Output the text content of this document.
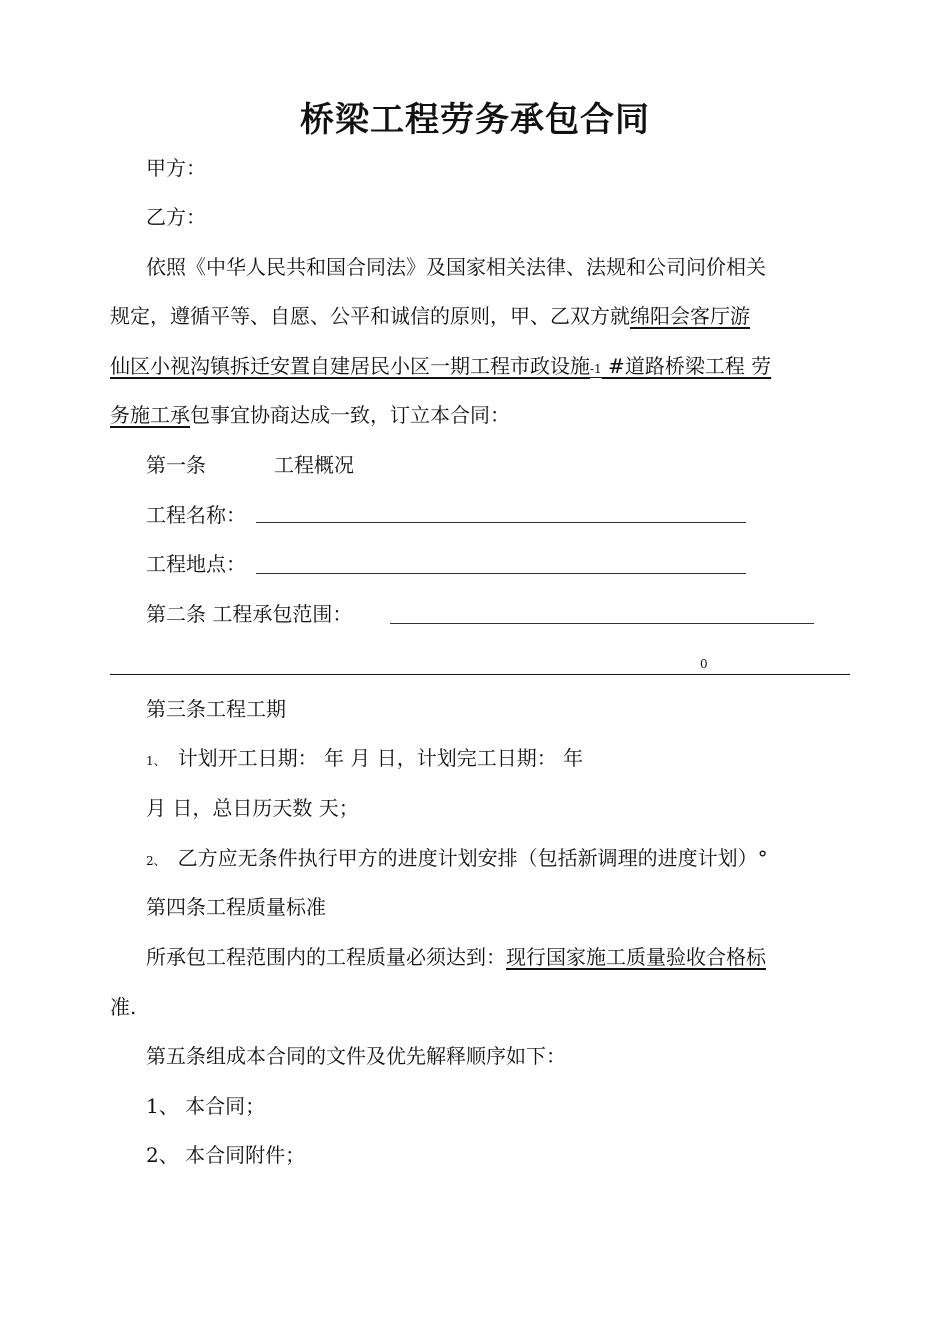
桥梁工程劳务承包合同
甲方：
乙方：
依照《中华人民共和国合同法》及国家相关法律、法规和公司问价相关
规定，遵循平等、自愿、公平和诚信的原则，甲、乙双方就绵阳会客厅游
仙区小视沟镇拆迁安置自建居民小区一期工程市政设施-1 #道路桥梁工程 劳
务施工承包事宜协商达成一致，订立本合同：
第一条	工程概况
工程名称：
工程地点：
第二条 工程承包范围：
0
第三条工程工期
1、 计划开工日期： 年 月 日，计划完工日期： 年
月 日，总日历天数 天；
2、 乙方应无条件执行甲方的进度计划安排（包括新调理的进度计划）°
第四条工程质量标准
所承包工程范围内的工程质量必须达到：现行国家施工质量验收合格标
准.
第五条组成本合同的文件及优先解释顺序如下：
1、 本合同；
2、 本合同附件；
